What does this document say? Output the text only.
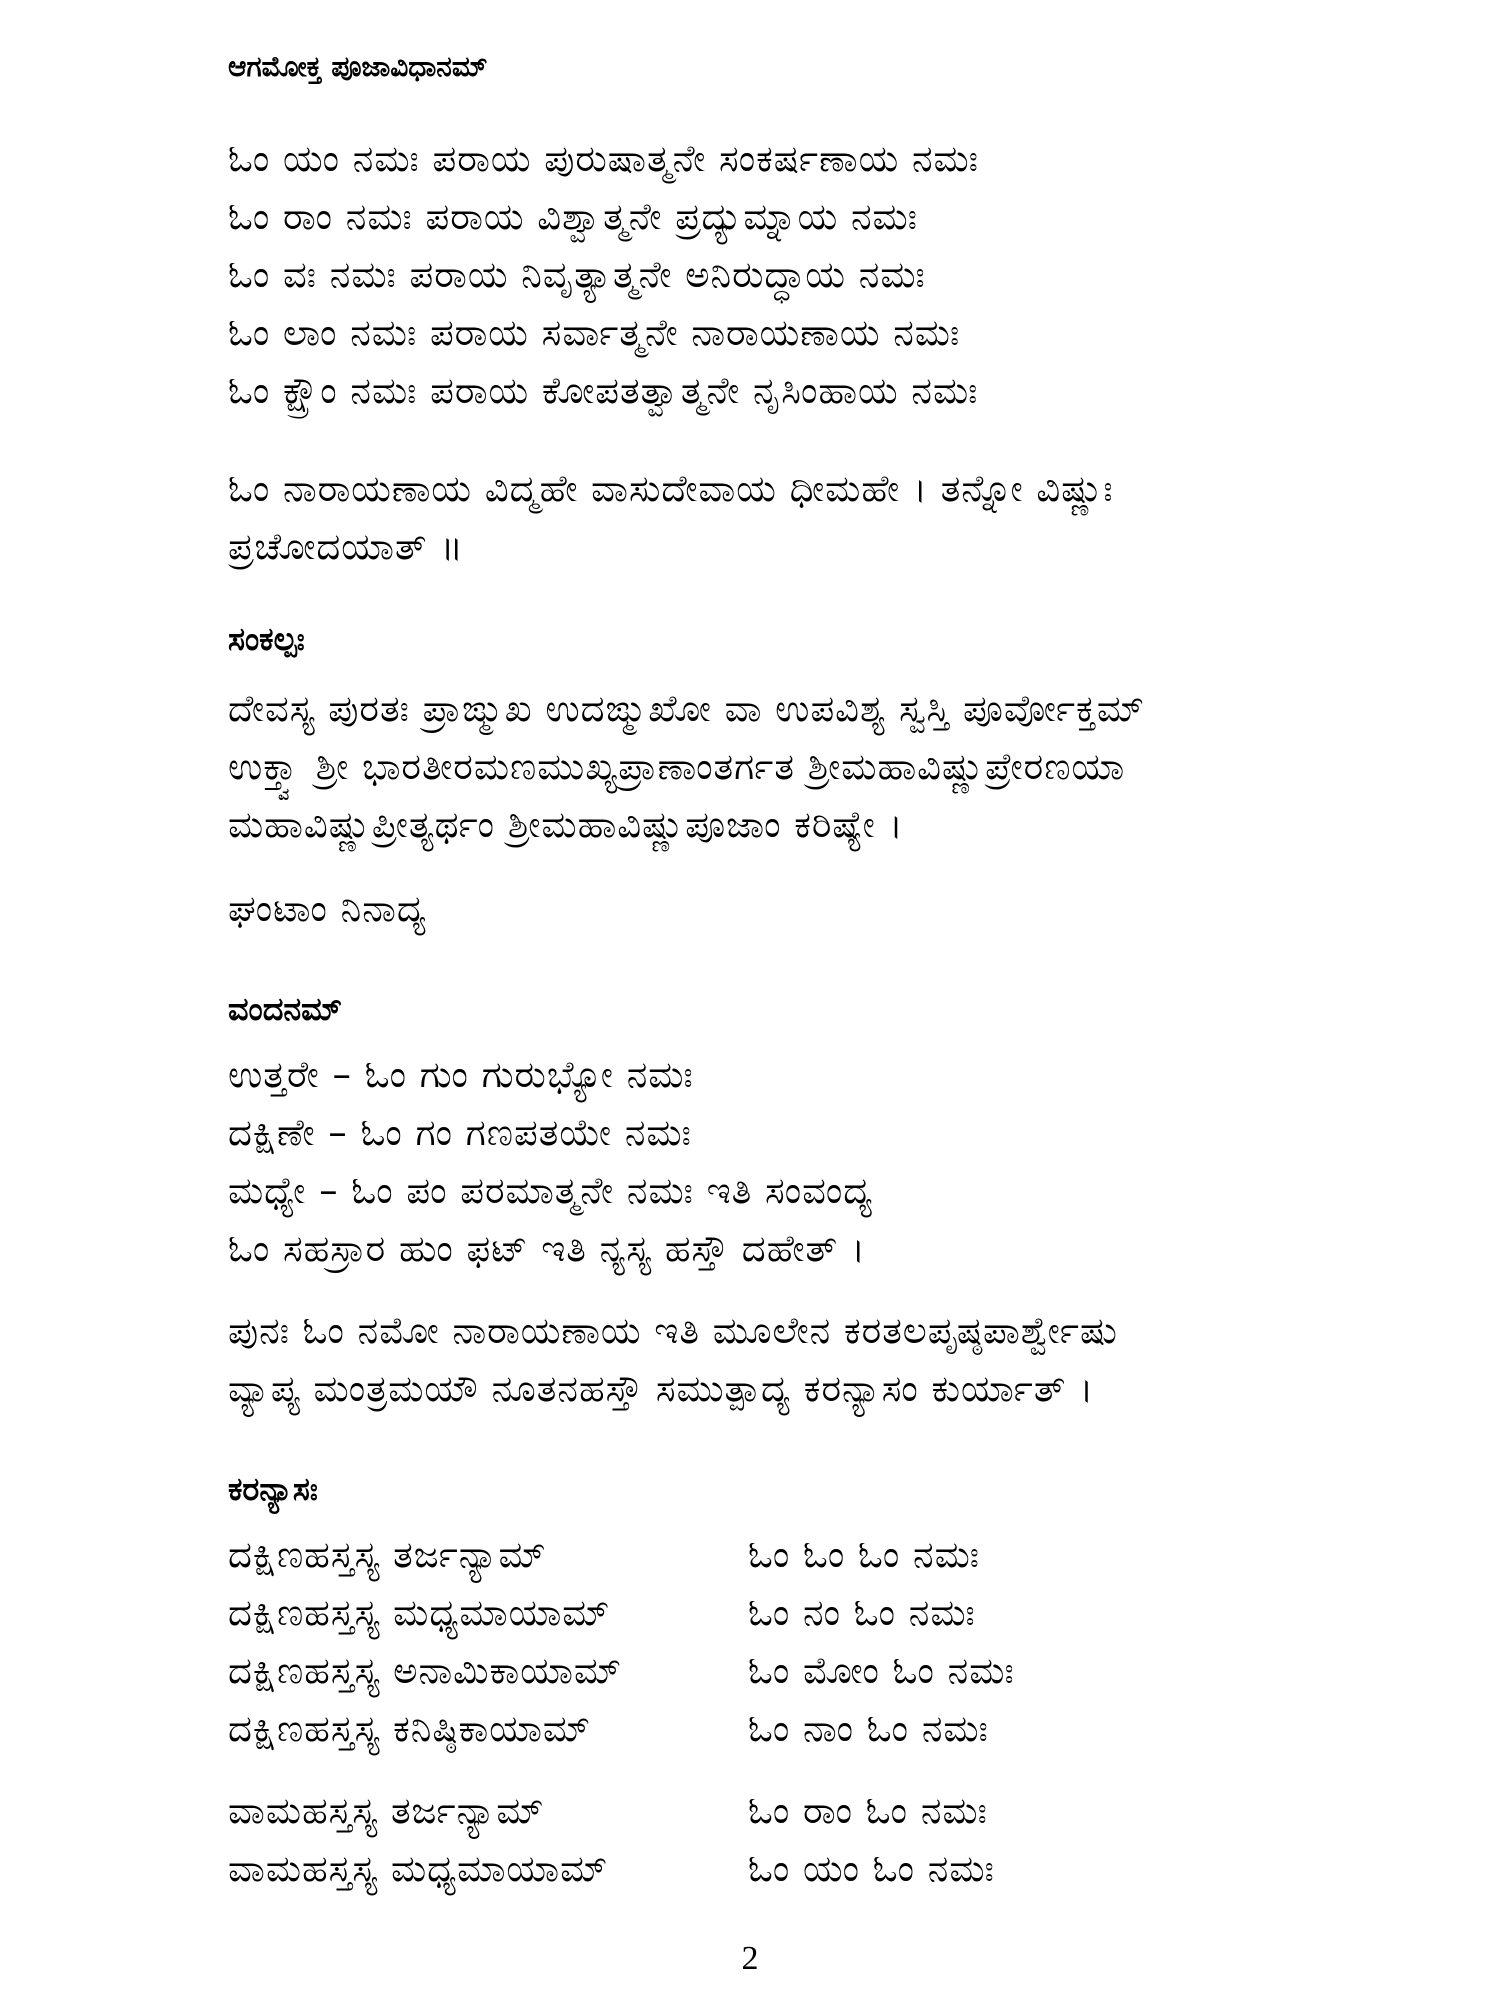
ಆಗಮೋಕ್ತ ಪೂಜಾವಿಧಾನಮ್
ಓಂ ಯಂ ನಮಃ ಪರಾಯ ಪುರುಷಾತ್ಮನೇ ಸಂಕರ್ಷಣಾಯ ನಮಃ
ಓಂ ರಾಂ ನಮಃ ಪರಾಯ ವಿಶ್ವಾತ್ಮನೇ ಪ್ರದ್ಯುಮ್ನಾಯ ನಮಃ
ಓಂ ವಃ ನಮಃ ಪರಾಯ ನಿವೃತ್ಯಾತ್ಮನೇ ಅನಿರುದ್ಧಾಯ ನಮಃ
ಓಂ ಲಾಂ ನಮಃ ಪರಾಯ ಸರ್ವಾತ್ಮನೇ ನಾರಾಯಣಾಯ ನಮಃ
ಓಂ ಕ್ಷ್ರೌಂ ನಮಃ ಪರಾಯ ಕೋಪತತ್ವಾತ್ಮನೇ ನೃಸಿಂಹಾಯ ನಮಃ
ಓಂ ನಾರಾಯಣಾಯ ವಿದ್ಮಹೇ ವಾಸುದೇವಾಯ ಧೀಮಹೇ । ತನ್ನೋ ವಿಷ್ಣುಃ
ಪ್ರಚೋದಯಾತ್ ॥
ಸಂಕಲ್ಪಃ
ದೇವಸ್ಯ ಪುರತಃ ಪ್ರಾಙ್ಮುಖ ಉದಙ್ಮುಖೋ ವಾ ಉಪವಿಶ್ಯ ಸ್ವಸ್ತಿ ಪೂರ್ವೋಕ್ತಮ್
ಉಕ್ತ್ವಾ ಶ್ರೀ ಭಾರತೀರಮಣಮುಖ್ಯಪ್ರಾಣಾಂತರ್ಗತ ಶ್ರೀಮಹಾವಿಷ್ಣುಪ್ರೇರಣಯಾ
ಮಹಾವಿಷ್ಣುಪ್ರೀತ್ಯರ್ಥಂ ಶ್ರೀಮಹಾವಿಷ್ಣುಪೂಜಾಂ ಕರಿಷ್ಯೇ ।
ಘಂಟಾಂ ನಿನಾದ್ಯ
ವಂದನಮ್
ಉತ್ತರೇ – ಓಂ ಗುಂ ಗುರುಭ್ಯೋ ನಮಃ
ದಕ್ಷಿಣೇ – ಓಂ ಗಂ ಗಣಪತಯೇ ನಮಃ
ಮಧ್ಯೇ – ಓಂ ಪಂ ಪರಮಾತ್ಮನೇ ನಮಃ ಇತಿ ಸಂವಂದ್ಯ
ಓಂ ಸಹಸ್ರಾರ ಹುಂ ಫಟ್ ಇತಿ ನ್ಯಸ್ಯ ಹಸ್ತೌ ದಹೇತ್ ।
ಪುನಃ ಓಂ ನಮೋ ನಾರಾಯಣಾಯ ಇತಿ ಮೂಲೇನ ಕರತಲಪೃಷ್ಠಪಾರ್ಶ್ವೇಷು
ವ್ಯಾಪ್ಯ ಮಂತ್ರಮಯೌ ನೂತನಹಸ್ತೌ ಸಮುತ್ಪಾದ್ಯ ಕರನ್ಯಾಸಂ ಕುರ್ಯಾತ್ ।
ಕರನ್ಯಾಸಃ
ದಕ್ಷಿಣಹಸ್ತಸ್ಯ ತರ್ಜನ್ಯಾಮ್	ಓಂ ಓಂ ಓಂ ನಮಃ
ದಕ್ಷಿಣಹಸ್ತಸ್ಯ ಮಧ್ಯಮಾಯಾಮ್	ಓಂ ನಂ ಓಂ ನಮಃ
ದಕ್ಷಿಣಹಸ್ತಸ್ಯ ಅನಾಮಿಕಾಯಾಮ್	ಓಂ ಮೋಂ ಓಂ ನಮಃ
ದಕ್ಷಿಣಹಸ್ತಸ್ಯ ಕನಿಷ್ಠಿಕಾಯಾಮ್	ಓಂ ನಾಂ ಓಂ ನಮಃ
ವಾಮಹಸ್ತಸ್ಯ ತರ್ಜನ್ಯಾಮ್	ಓಂ ರಾಂ ಓಂ ನಮಃ
ವಾಮಹಸ್ತಸ್ಯ ಮಧ್ಯಮಾಯಾಮ್	ಓಂ ಯಂ ಓಂ ನಮಃ
2
